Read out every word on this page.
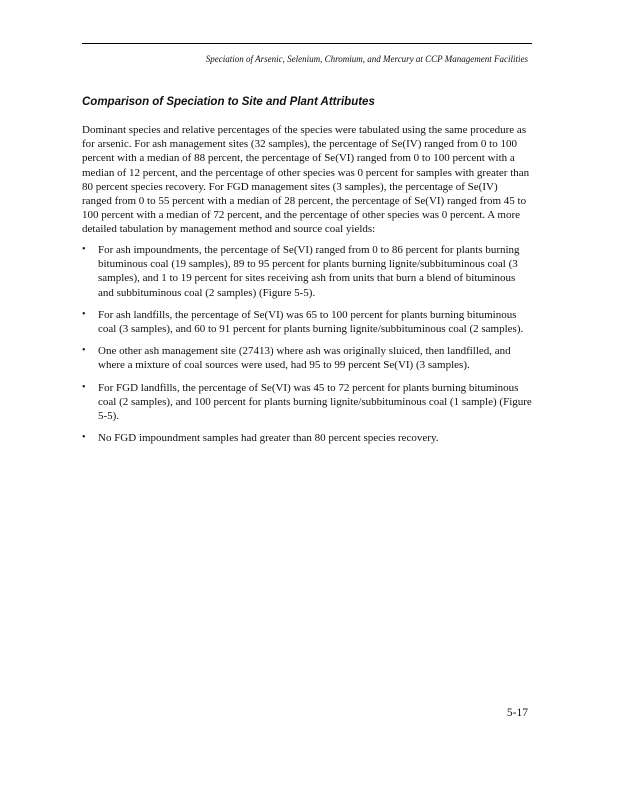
Speciation of Arsenic, Selenium, Chromium, and Mercury at CCP Management Facilities
Comparison of Speciation to Site and Plant Attributes

Dominant species and relative percentages of the species were tabulated using the same procedure as for arsenic. For ash management sites (32 samples), the percentage of Se(IV) ranged from 0 to 100 percent with a median of 88 percent, the percentage of Se(VI) ranged from 0 to 100 percent with a median of 12 percent, and the percentage of other species was 0 percent for samples with greater than 80 percent species recovery. For FGD management sites (3 samples), the percentage of Se(IV) ranged from 0 to 55 percent with a median of 28 percent, the percentage of Se(VI) ranged from 45 to 100 percent with a median of 72 percent, and the percentage of other species was 0 percent. A more detailed tabulation by management method and source coal yields:

• For ash impoundments, the percentage of Se(VI) ranged from 0 to 86 percent for plants burning bituminous coal (19 samples), 89 to 95 percent for plants burning lignite/subbituminous coal (3 samples), and 1 to 19 percent for sites receiving ash from units that burn a blend of bituminous and subbituminous coal (2 samples) (Figure 5-5).
• For ash landfills, the percentage of Se(VI) was 65 to 100 percent for plants burning bituminous coal (3 samples), and 60 to 91 percent for plants burning lignite/subbituminous coal (2 samples).
• One other ash management site (27413) where ash was originally sluiced, then landfilled, and where a mixture of coal sources were used, had 95 to 99 percent Se(VI) (3 samples).
• For FGD landfills, the percentage of Se(VI) was 45 to 72 percent for plants burning bituminous coal (2 samples), and 100 percent for plants burning lignite/subbituminous coal (1 sample) (Figure 5-5).
• No FGD impoundment samples had greater than 80 percent species recovery.
5-17
